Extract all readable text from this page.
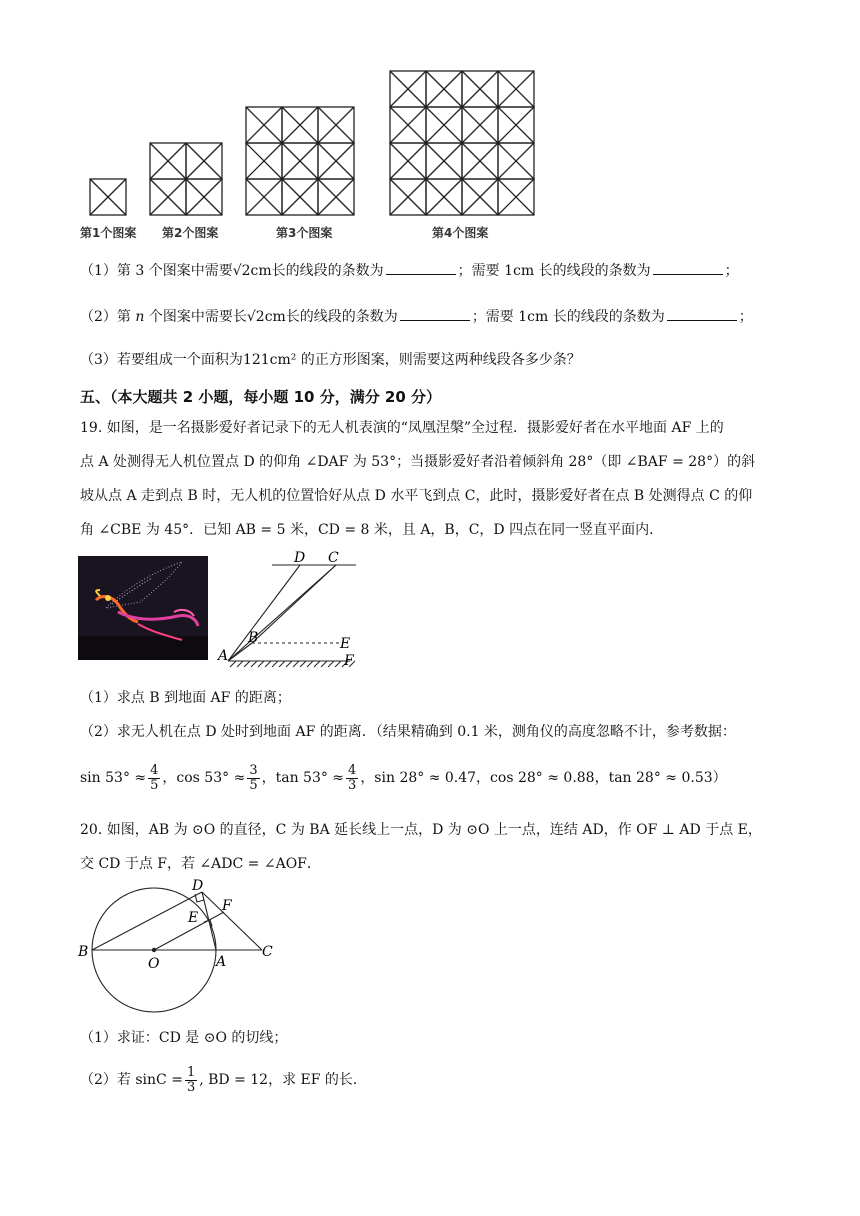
第1个图案 第2个图案	第3个图案	第4个图案
（1）第 3 个图案中需要√2cm长的线段的条数为	；需要 1cm 长的线段的条数为	；
（2）第 n 个图案中需要长√2cm长的线段的条数为	；需要 1cm 长的线段的条数为	；
（3）若要组成一个面积为121cm² 的正方形图案，则需要这两种线段各多少条？
五、（本大题共 2 小题，每小题 10 分，满分 20 分）
19. 如图，是一名摄影爱好者记录下的无人机表演的“凤凰涅槃”全过程．摄影爱好者在水平地面 AF 上的
点 A 处测得无人机位置点 D 的仰角 ∠DAF 为 53°；当摄影爱好者沿着倾斜角 28°（即 ∠BAF = 28°）的斜
坡从点 A 走到点 B 时，无人机的位置恰好从点 D 水平飞到点 C，此时，摄影爱好者在点 B 处测得点 C 的仰
角 ∠CBE 为 45°．已知 AB = 5 米，CD = 8 米，且 A，B，C，D 四点在同一竖直平面内．
D C
B	E
A	F
（1）求点 B 到地面 AF 的距离；
（2）求无人机在点 D 处时到地面 AF 的距离．（结果精确到 0.1 米，测角仪的高度忽略不计，参考数据：
$\sin 53^\circ \approx \frac{4}{5}$ ，$\cos 53^\circ \approx \frac{3}{5}$ ，$\tan 53^\circ \approx \frac{4}{3}$ ，sin 28° ≈ 0.47，cos 28° ≈ 0.88，tan 28° ≈ 0.53）
20. 如图，AB 为 ⊙O 的直径，C 为 BA 延长线上一点，D 为 ⊙O 上一点，连结 AD，作 OF ⊥ AD 于点 E，
交 CD 于点 F，若 ∠ADC = ∠AOF．
D
E
F
B
O	A
C
（1）求证：CD 是 ⊙O 的切线；
（2）若 $\sin C = \frac{1}{3}$ , BD = 12，求 EF 的长．
